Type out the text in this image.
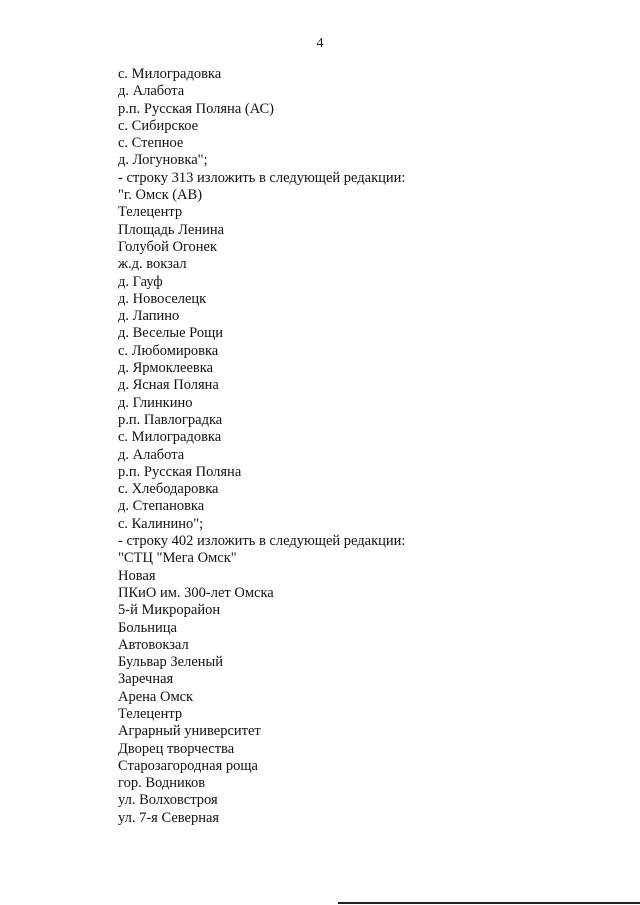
4
с. Милоградовка
д. Алабота
р.п. Русская Поляна (АС)
с. Сибирское
с. Степное
д. Логуновка";
- строку 313 изложить в следующей редакции:
"г. Омск (АВ)
Телецентр
Площадь Ленина
Голубой Огонек
ж.д. вокзал
д. Гауф
д. Новоселецк
д. Лапино
д. Веселые Рощи
с. Любомировка
д. Ярмоклеевка
д. Ясная Поляна
д. Глинкино
р.п. Павлоградка
с. Милоградовка
д. Алабота
р.п. Русская Поляна
с. Хлебодаровка
д. Степановка
с. Калинино";
- строку 402 изложить в следующей редакции:
"СТЦ "Мега Омск"
Новая
ПКиО им. 300-лет Омска
5-й Микрорайон
Больница
Автовокзал
Бульвар Зеленый
Заречная
Арена Омск
Телецентр
Аграрный университет
Дворец творчества
Старозагородная роща
гор. Водников
ул. Волховстроя
ул. 7-я Северная
